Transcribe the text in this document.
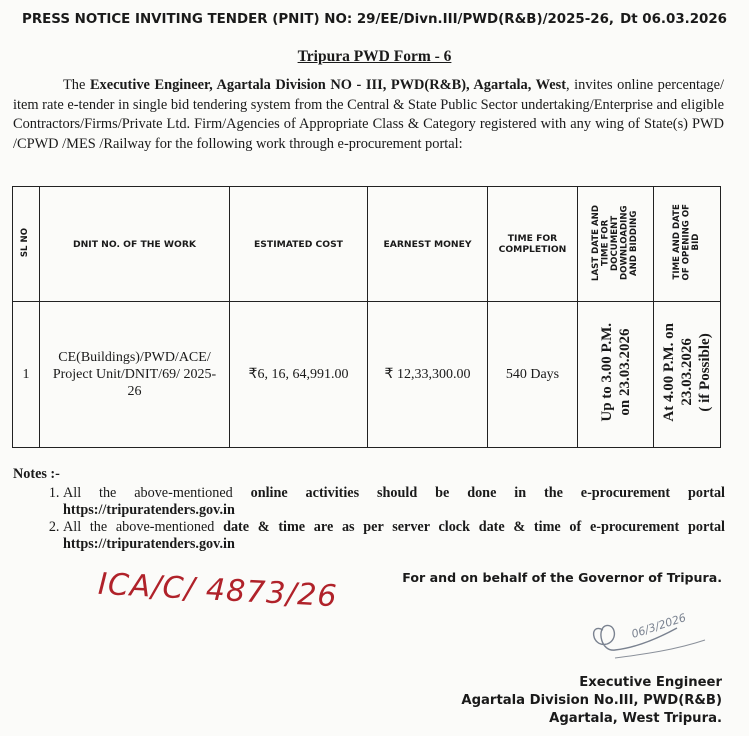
PRESS NOTICE INVITING TENDER (PNIT) NO: 29/EE/Divn.III/PWD(R&B)/2025-26, Dt 06.03.2026
Tripura PWD Form - 6

The Executive Engineer, Agartala Division NO - III, PWD(R&B), Agartala, West, invites online percentage/ item rate e-tender in single bid tendering system from the Central & State Public Sector undertaking/Enterprise and eligible Contractors/Firms/Private Ltd. Firm/Agencies of Appropriate Class & Category registered with any wing of State(s) PWD /CPWD /MES /Railway for the following work through e-procurement portal:

SL NO	DNIT NO. OF THE WORK	ESTIMATED COST	EARNEST MONEY	TIME FOR COMPLETION	LAST DATE AND
TIME FOR
DOCUMENT
DOWNLOADING
AND BIDDING	TIME AND DATE
OF OPENING OF
BID
1	CE(Buildings)/PWD/ACE/ Project Unit/DNIT/69/ 2025-26	₹6, 16, 64,991.00	₹ 12,33,300.00	540 Days	Up to 3.00 P.M. on 23.03.2026	At 4.00 P.M. on 23.03.2026 ( if Possible)
Notes :-
1. All the above-mentioned online activities should be done in the e-procurement portal https://tripuratenders.gov.in
2. All the above-mentioned date & time are as per server clock date & time of e-procurement portal https://tripuratenders.gov.in
For and on behalf of the Governor of Tripura.
ICA/C/ 4873/26
06/3/2026
Executive Engineer
Agartala Division No.III, PWD(R&B)
Agartala, West Tripura.
